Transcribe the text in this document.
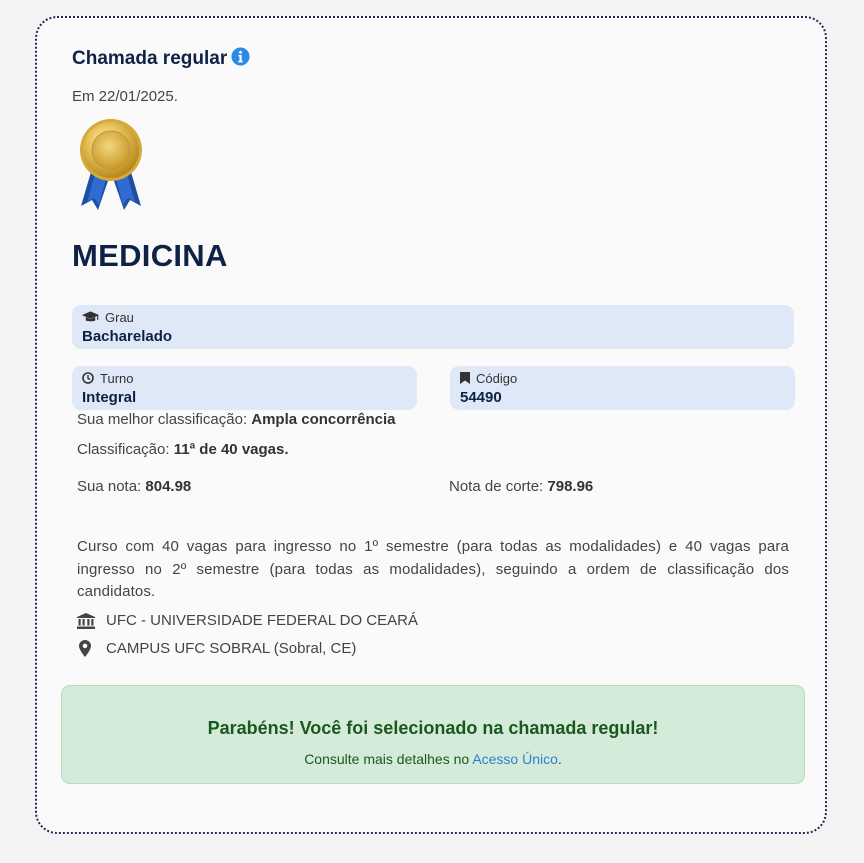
Chamada regular
Em 22/01/2025.
MEDICINA
Grau
Bacharelado
Turno
Integral
Código
54490
Sua melhor classificação: Ampla concorrência
Classificação: 11ª de 40 vagas.
Sua nota: 804.98	Nota de corte: 798.96
Curso com 40 vagas para ingresso no 1º semestre (para todas as modalidades) e 40 vagas para ingresso no 2º semestre (para todas as modalidades), seguindo a ordem de classificação dos candidatos.
UFC - UNIVERSIDADE FEDERAL DO CEARÁ
CAMPUS UFC SOBRAL (Sobral, CE)
Parabéns! Você foi selecionado na chamada regular!
Consulte mais detalhes no Acesso Único.
